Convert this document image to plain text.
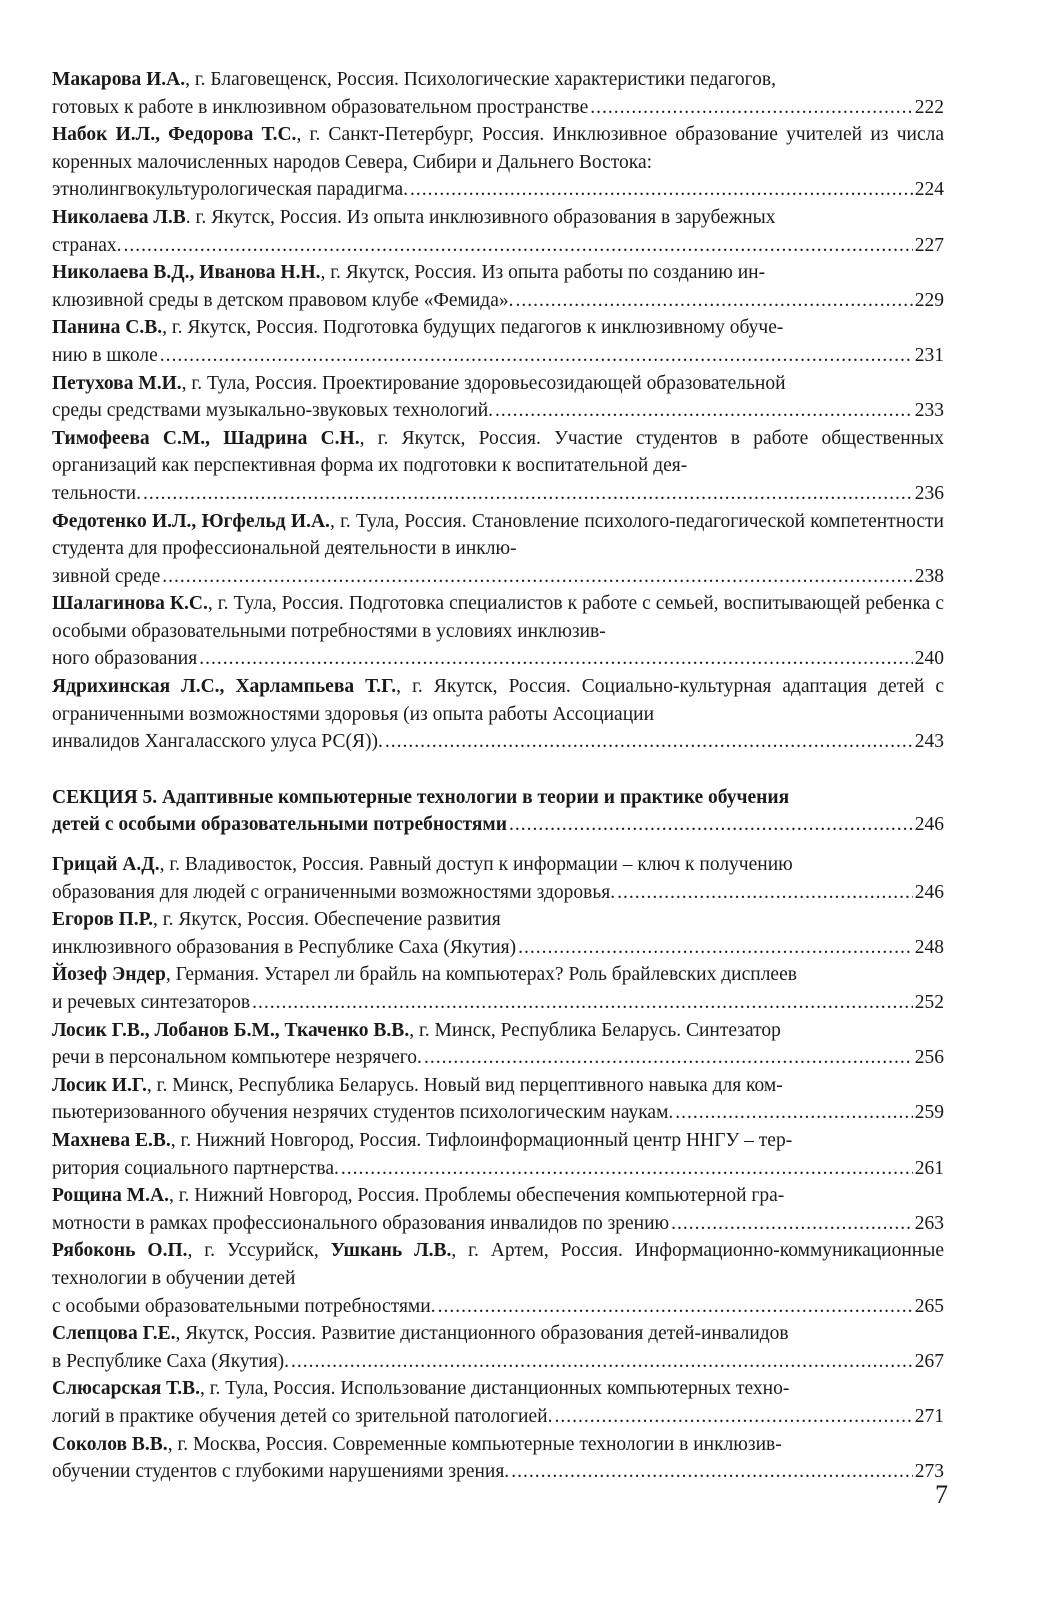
Макарова И.А., г. Благовещенск, Россия. Психологические характеристики педагогов,
готовых к работе в инклюзивном образовательном пространстве .....	222
Набок И.Л., Федорова Т.С., г. Санкт-Петербург, Россия. Инклюзивное образование учителей из числа коренных малочисленных народов Севера, Сибири и Дальнего Востока:
этнолингвокультурологическая парадигма. .....	224
Николаева Л.В. г. Якутск, Россия. Из опыта инклюзивного образования в зарубежных
странах. .....	227
Николаева В.Д., Иванова Н.Н., г. Якутск, Россия. Из опыта работы по созданию ин-
клюзивной среды в детском правовом клубе «Фемида». .....	229
Панина С.В., г. Якутск, Россия. Подготовка будущих педагогов к инклюзивному обуче-
нию в школе .....	231
Петухова М.И., г. Тула, Россия. Проектирование здоровьесозидающей образовательной
среды средствами музыкально-звуковых технологий. .....	233
Тимофеева С.М., Шадрина С.Н., г. Якутск, Россия. Участие студентов в работе общественных организаций как перспективная форма их подготовки к воспитательной дея-
тельности. .....	236
Федотенко И.Л., Югфельд И.А., г. Тула, Россия. Становление психолого-педагогической компетентности студента для профессиональной деятельности в инклю-
зивной среде .....	238
Шалагинова К.С., г. Тула, Россия. Подготовка специалистов к работе с семьей, воспитывающей ребенка с особыми образовательными потребностями в условиях инклюзив-
ного образования .....	240
Ядрихинская Л.С., Харлампьева Т.Г., г. Якутск, Россия. Социально-культурная адаптация детей с ограниченными возможностями здоровья (из опыта работы Ассоциации
инвалидов Хангаласского улуса РС(Я)). .....	243
СЕКЦИЯ 5. Адаптивные компьютерные технологии в теории и практике обучения
детей с особыми образовательными потребностями .....	246
Грицай А.Д., г. Владивосток, Россия. Равный доступ к информации – ключ к получению
образования для людей с ограниченными возможностями здоровья. .....	246
Егоров П.Р., г. Якутск, Россия. Обеспечение развития
инклюзивного образования в Республике Саха (Якутия) .....	248
Йозеф Эндер, Германия. Устарел ли брайль на компьютерах? Роль брайлевских дисплеев
и речевых синтезаторов .....	252
Лосик Г.В., Лобанов Б.М., Ткаченко В.В., г. Минск, Республика Беларусь. Синтезатор
речи в персональном компьютере незрячего. .....	256
Лосик И.Г., г. Минск, Республика Беларусь. Новый вид перцептивного навыка для ком-
пьютеризованного обучения незрячих студентов психологическим наукам. .....	259
Махнева Е.В., г. Нижний Новгород, Россия. Тифлоинформационный центр ННГУ – тер-
ритория социального партнерства. .....	261
Рощина М.А., г. Нижний Новгород, Россия. Проблемы обеспечения компьютерной гра-
мотности в рамках профессионального образования инвалидов по зрению .....	263
Рябоконь О.П., г. Уссурийск, Ушкань Л.В., г. Артем, Россия. Информационно-коммуникационные технологии в обучении детей
с особыми образовательными потребностями. .....	265
Слепцова Г.Е., Якутск, Россия. Развитие дистанционного образования детей-инвалидов
в Республике Саха (Якутия). .....	267
Слюсарская Т.В., г. Тула, Россия. Использование дистанционных компьютерных техно-
логий в практике обучения детей со зрительной патологией. .....	271
Соколов В.В., г. Москва, Россия. Современные компьютерные технологии в инклюзив-
обучении студентов с глубокими нарушениями зрения. .....	273
7
